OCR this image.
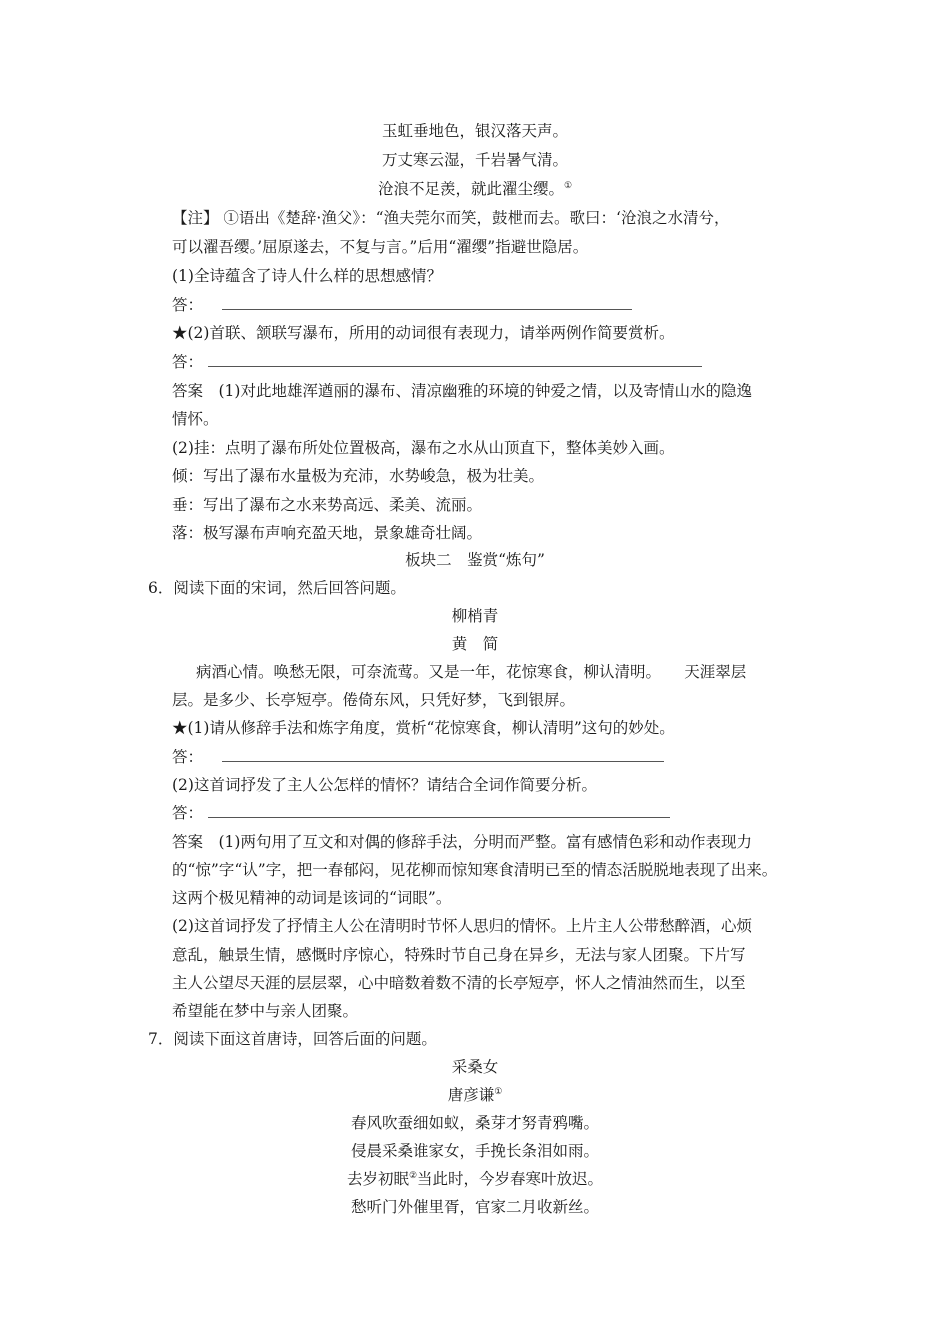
玉虹垂地色，银汉落天声。
万丈寒云湿，千岩暑气清。
沧浪不足羡，就此濯尘缨。①
【注】 ①语出《楚辞·渔父》：“渔夫莞尔而笑，鼓枻而去。歌曰：‘沧浪之水清兮，
可以濯吾缨。’屈原遂去，不复与言。”后用“濯缨”指避世隐居。
(1)全诗蕴含了诗人什么样的思想感情？
答：
★(2)首联、颔联写瀑布，所用的动词很有表现力，请举两例作简要赏析。
答：
答案　(1)对此地雄浑遒丽的瀑布、清凉幽雅的环境的钟爱之情，以及寄情山水的隐逸
情怀。
(2)挂：点明了瀑布所处位置极高，瀑布之水从山顶直下，整体美妙入画。
倾：写出了瀑布水量极为充沛，水势峻急，极为壮美。
垂：写出了瀑布之水来势高远、柔美、流丽。
落：极写瀑布声响充盈天地，景象雄奇壮阔。
板块二　鉴赏“炼句”
6．阅读下面的宋词，然后回答问题。
柳梢青
黄　简
病酒心情。唤愁无限，可奈流莺。又是一年，花惊寒食，柳认清明。　　天涯翠层
层。是多少、长亭短亭。倦倚东风，只凭好梦，飞到银屏。
★(1)请从修辞手法和炼字角度，赏析“花惊寒食，柳认清明”这句的妙处。
答：
(2)这首词抒发了主人公怎样的情怀？请结合全词作简要分析。
答：
答案　(1)两句用了互文和对偶的修辞手法，分明而严整。富有感情色彩和动作表现力
的“惊”字“认”字，把一春郁闷，见花柳而惊知寒食清明已至的情态活脱脱地表现了出来。
这两个极见精神的动词是该词的“词眼”。
(2)这首词抒发了抒情主人公在清明时节怀人思归的情怀。上片主人公带愁醉酒，心烦
意乱，触景生情，感慨时序惊心，特殊时节自己身在异乡，无法与家人团聚。下片写
主人公望尽天涯的层层翠，心中暗数着数不清的长亭短亭，怀人之情油然而生，以至
希望能在梦中与亲人团聚。
7．阅读下面这首唐诗，回答后面的问题。
采桑女
唐彦谦①
春风吹蚕细如蚁，桑芽才努青鸦嘴。
侵晨采桑谁家女，手挽长条泪如雨。
去岁初眠②当此时，今岁春寒叶放迟。
愁听门外催里胥，官家二月收新丝。
